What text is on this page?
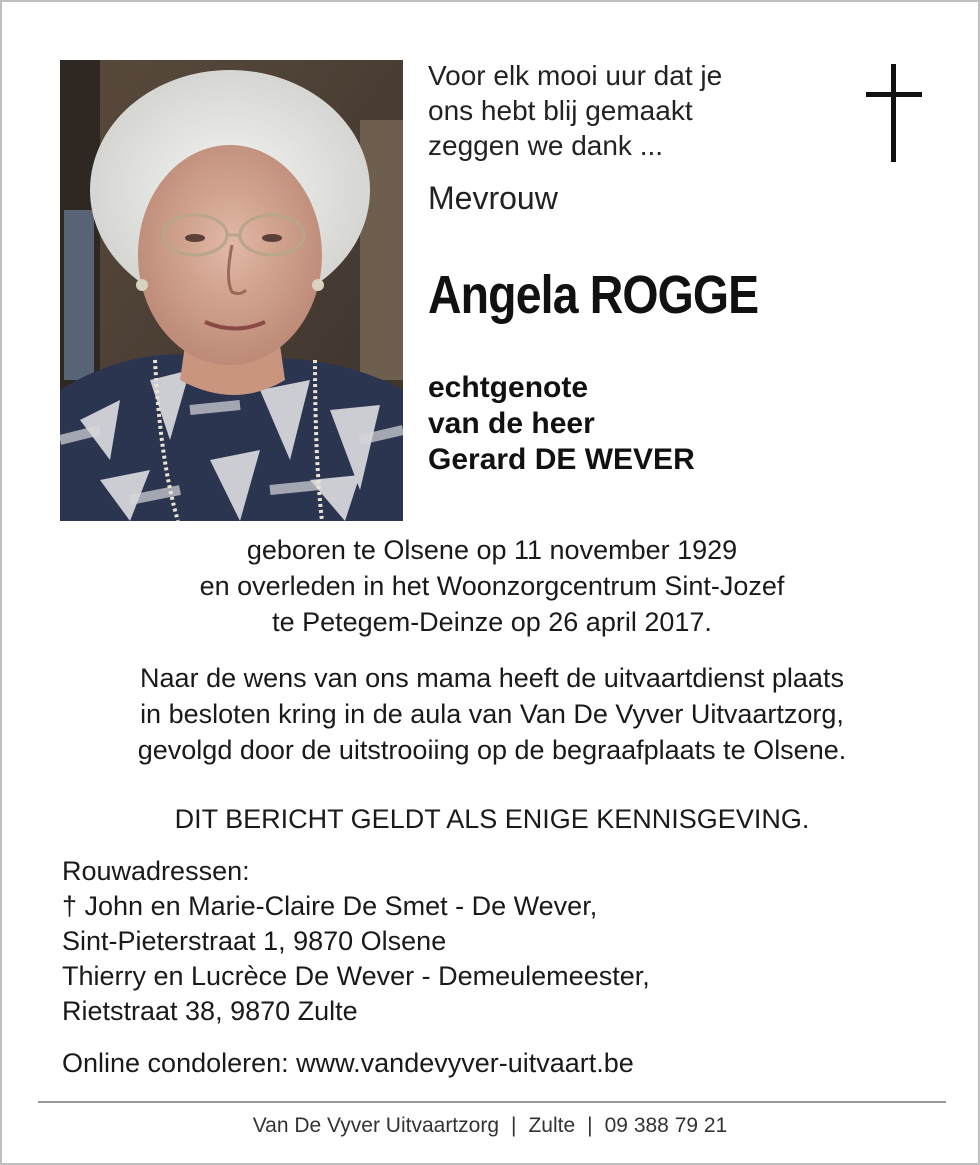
Voor elk mooi uur dat je
ons hebt blij gemaakt
zeggen we dank ...
Mevrouw
Angela ROGGE
echtgenote
van de heer
Gerard DE WEVER
geboren te Olsene op 11 november 1929
en overleden in het Woonzorgcentrum Sint-Jozef
te Petegem-Deinze op 26 april 2017.
Naar de wens van ons mama heeft de uitvaartdienst plaats
in besloten kring in de aula van Van De Vyver Uitvaartzorg,
gevolgd door de uitstrooiing op de begraafplaats te Olsene.
DIT BERICHT GELDT ALS ENIGE KENNISGEVING.
Rouwadressen:
† John en Marie-Claire De Smet - De Wever,
Sint-Pieterstraat 1, 9870 Olsene
Thierry en Lucrèce De Wever - Demeulemeester,
Rietstraat 38, 9870 Zulte
Online condoleren: www.vandevyver-uitvaart.be
Van De Vyver Uitvaartzorg | Zulte | 09 388 79 21
